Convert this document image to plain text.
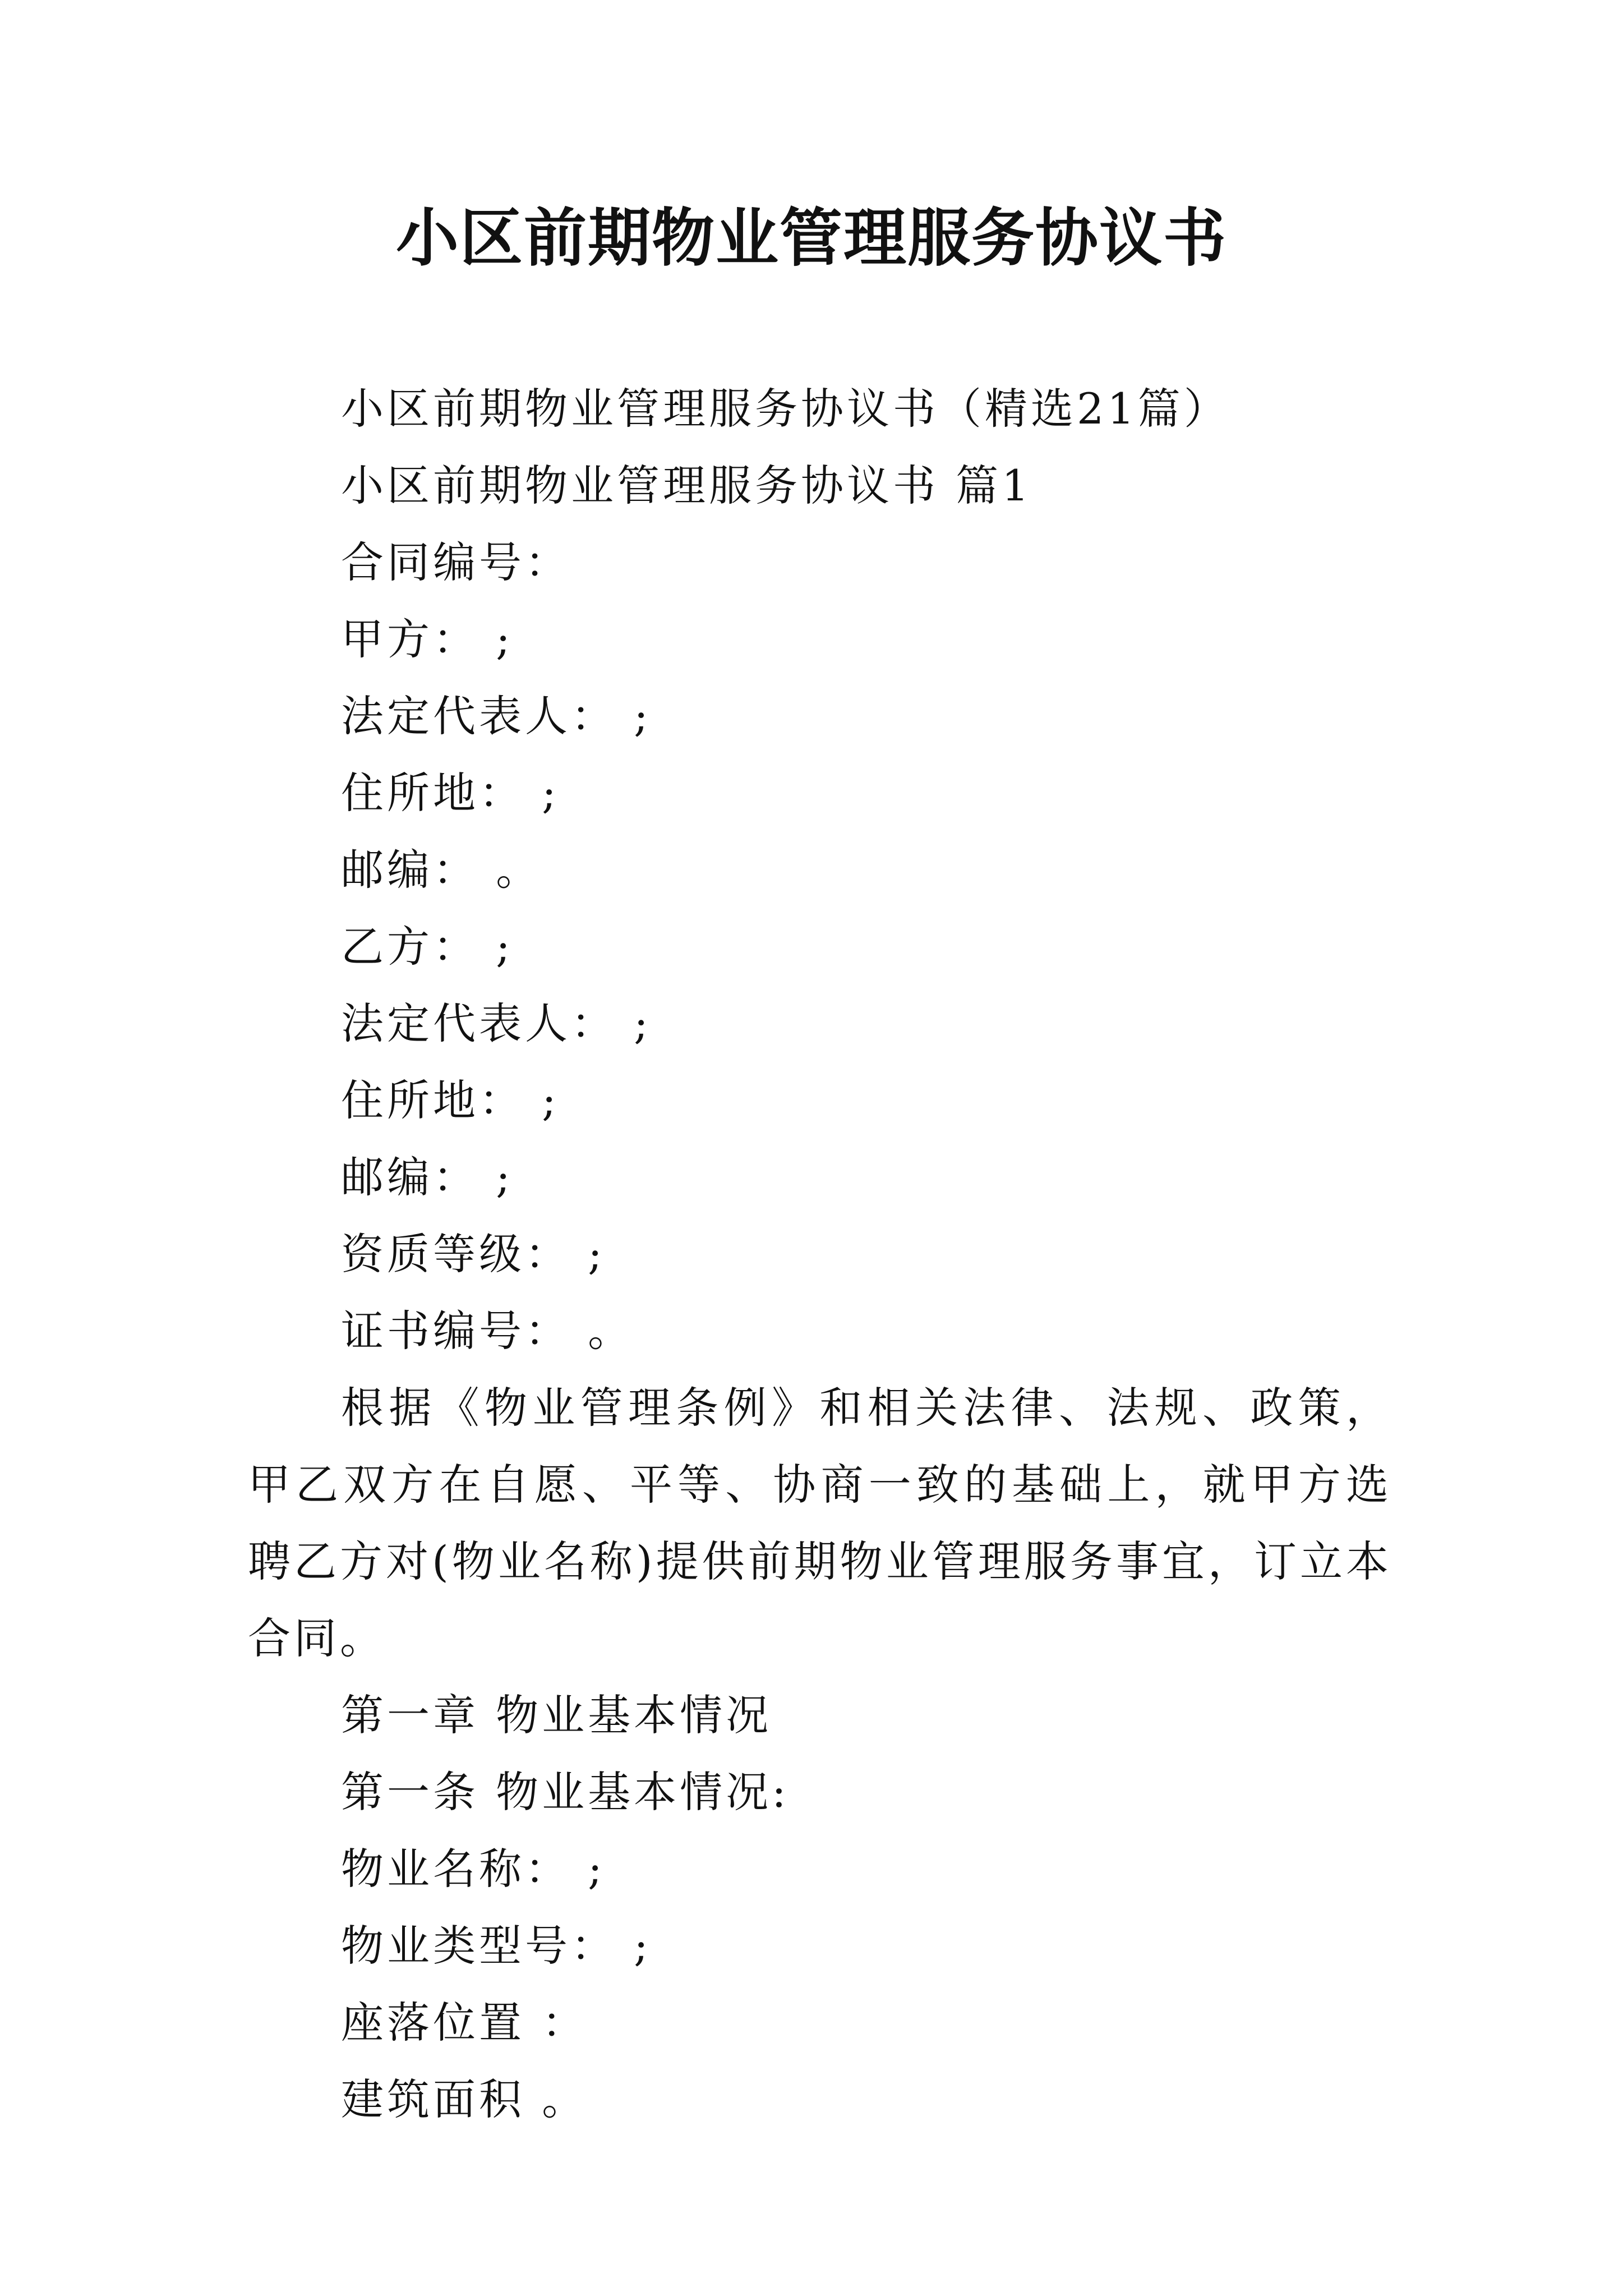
小区前期物业管理服务协议书

小区前期物业管理服务协议书（精选21篇）

小区前期物业管理服务协议书 篇1

合同编号：

甲方： ;

法定代表人： ;

住所地： ;

邮编： 。

乙方： ;

法定代表人： ;

住所地： ;

邮编： ;

资质等级： ;

证书编号： 。

根据《物业管理条例》和相关法律、法规、政策，甲乙双方在自愿、平等、协商一致的基础上，就甲方选聘乙方对(物业名称)提供前期物业管理服务事宜，订立本合同。

第一章 物业基本情况

第一条 物业基本情况:

物业名称： ;

物业类型号： ;

座落位置 ：

建筑面积 。
